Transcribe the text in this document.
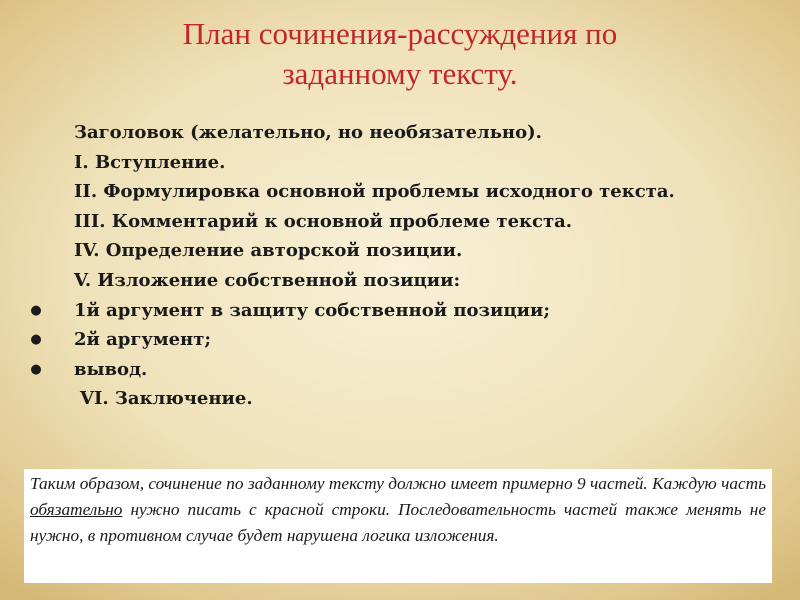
План сочинения-рассуждения по
заданному тексту.
Заголовок (желательно, но необязательно).
I. Вступление.
II. Формулировка основной проблемы исходного текста.
III. Комментарий к основной проблеме текста.
IV. Определение авторской позиции.
V. Изложение собственной позиции:
● 1й аргумент в защиту собственной позиции;
● 2й аргумент;
● вывод.
VI. Заключение.
Таким образом, сочинение по заданному тексту должно имеет примерно 9 частей. Каждую часть обязательно нужно писать с красной строки. Последовательность частей также менять не нужно, в противном случае будет нарушена логика изложения.
